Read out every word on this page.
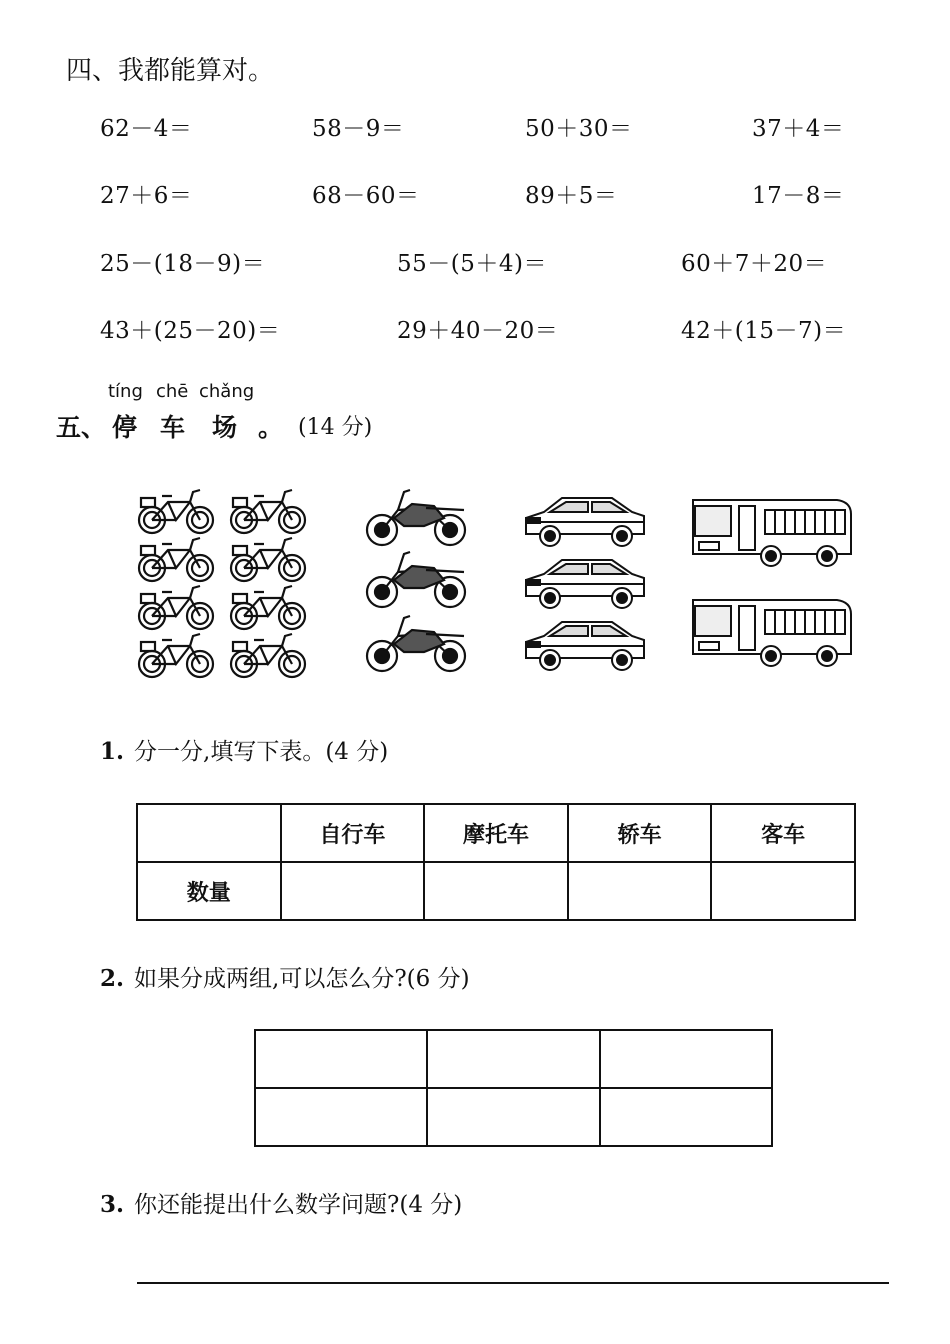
四、我都能算对。
62－4＝	58－9＝	50＋30＝	37＋4＝
27＋6＝	68－60＝	89＋5＝	17－8＝
25－(18－9)＝	55－(5＋4)＝	60＋7＋20＝
43＋(25－20)＝	29＋40－20＝	42＋(15－7)＝
tíng chē chǎng
五、 停 车 场 。 (14 分)
1. 分一分,填写下表。(4 分)
	自行车	摩托车	轿车	客车
数量				
2. 如果分成两组,可以怎么分?(6 分)

3. 你还能提出什么数学问题?(4 分)
